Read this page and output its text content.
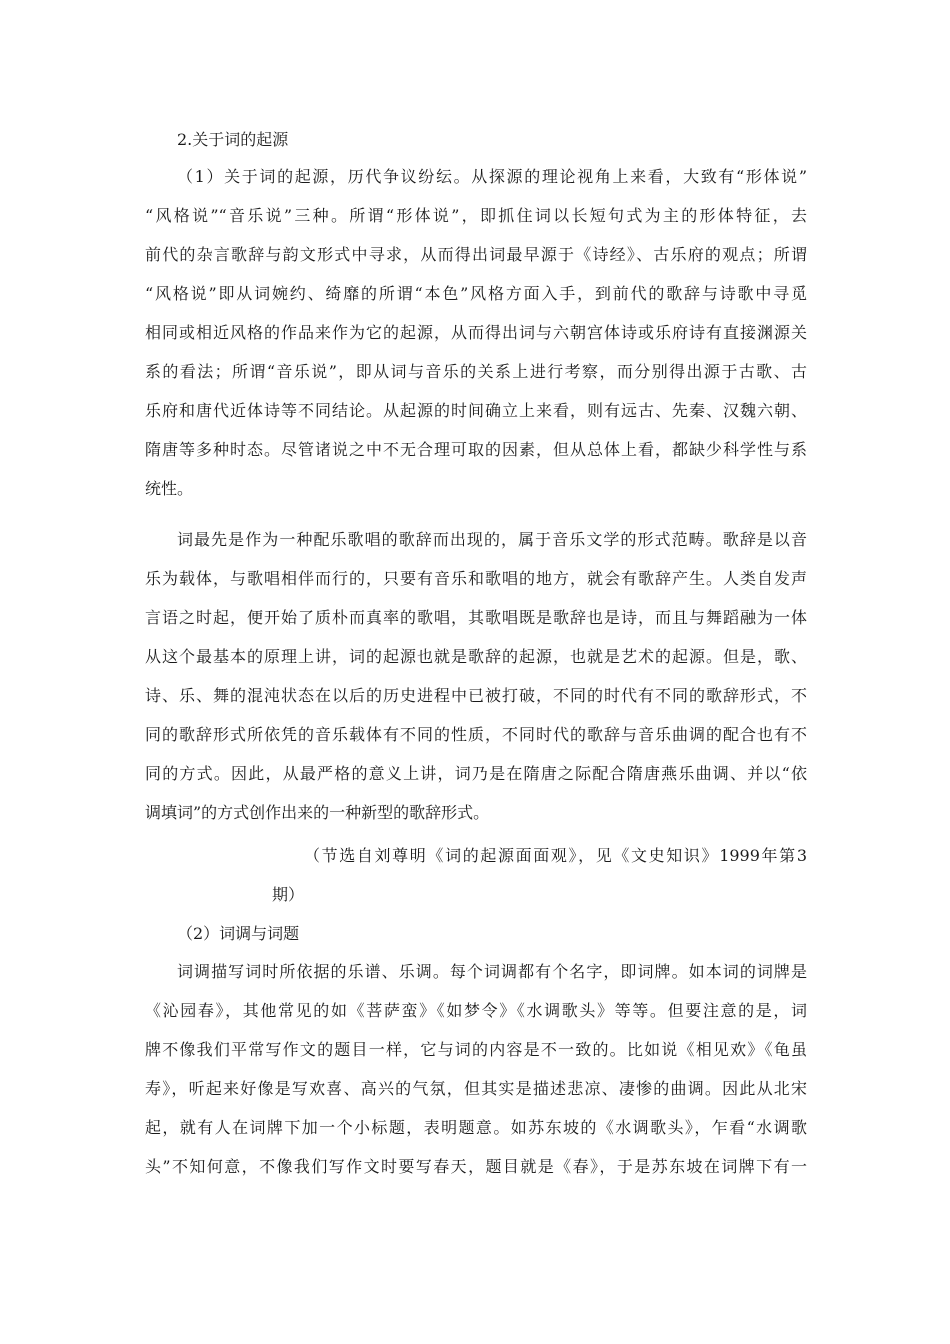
2.关于词的起源
（1）关于词的起源，历代争议纷纭。从探源的理论视角上来看，大致有“形体说”
“风格说”“音乐说”三种。所谓“形体说”，即抓住词以长短句式为主的形体特征，去
前代的杂言歌辞与韵文形式中寻求，从而得出词最早源于《诗经》、古乐府的观点；所谓
“风格说”即从词婉约、绮靡的所谓“本色”风格方面入手，到前代的歌辞与诗歌中寻觅
相同或相近风格的作品来作为它的起源，从而得出词与六朝宫体诗或乐府诗有直接渊源关
系的看法；所谓“音乐说”，即从词与音乐的关系上进行考察，而分别得出源于古歌、古
乐府和唐代近体诗等不同结论。从起源的时间确立上来看，则有远古、先秦、汉魏六朝、
隋唐等多种时态。尽管诸说之中不无合理可取的因素，但从总体上看，都缺少科学性与系
统性。
词最先是作为一种配乐歌唱的歌辞而出现的，属于音乐文学的形式范畴。歌辞是以音
乐为载体，与歌唱相伴而行的，只要有音乐和歌唱的地方，就会有歌辞产生。人类自发声
言语之时起，便开始了质朴而真率的歌唱，其歌唱既是歌辞也是诗，而且与舞蹈融为一体
从这个最基本的原理上讲，词的起源也就是歌辞的起源，也就是艺术的起源。但是，歌、
诗、乐、舞的混沌状态在以后的历史进程中已被打破，不同的时代有不同的歌辞形式，不
同的歌辞形式所依凭的音乐载体有不同的性质，不同时代的歌辞与音乐曲调的配合也有不
同的方式。因此，从最严格的意义上讲，词乃是在隋唐之际配合隋唐燕乐曲调、并以“依
调填词”的方式创作出来的一种新型的歌辞形式。
（节选自刘尊明《词的起源面面观》，见《文史知识》1999年第3
期）
（2）词调与词题
词调描写词时所依据的乐谱、乐调。每个词调都有个名字，即词牌。如本词的词牌是
《沁园春》，其他常见的如《菩萨蛮》《如梦令》《水调歌头》等等。但要注意的是，词
牌不像我们平常写作文的题目一样，它与词的内容是不一致的。比如说《相见欢》《龟虽
寿》，听起来好像是写欢喜、高兴的气氛，但其实是描述悲凉、凄惨的曲调。因此从北宋
起，就有人在词牌下加一个小标题，表明题意。如苏东坡的《水调歌头》，乍看“水调歌
头”不知何意，不像我们写作文时要写春天，题目就是《春》，于是苏东坡在词牌下有一
